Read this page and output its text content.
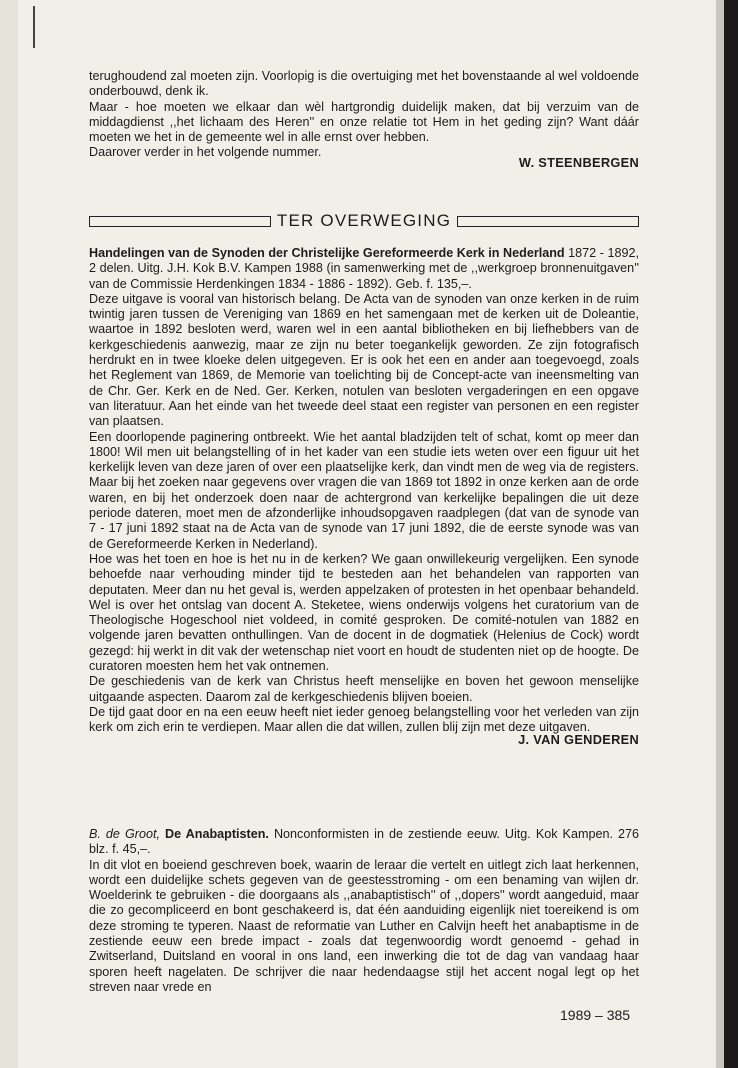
terughoudend zal moeten zijn. Voorlopig is die overtuiging met het bovenstaande al wel voldoende onderbouwd, denk ik.

Maar - hoe moeten we elkaar dan wèl hartgrondig duidelijk maken, dat bij verzuim van de middagdienst ,,het lichaam des Heren'' en onze relatie tot Hem in het geding zijn? Want dáár moeten we het in de gemeente wel in alle ernst over hebben.

Daarover verder in het volgende nummer.

W. STEENBERGEN

TER OVERWEGING

Handelingen van de Synoden der Christelijke Gereformeerde Kerk in Nederland 1872 - 1892, 2 delen. Uitg. J.H. Kok B.V. Kampen 1988 (in samenwerking met de ,,werkgroep bronnenuitgaven'' van de Commissie Herdenkingen 1834 - 1886 - 1892). Geb. f. 135,–.

Deze uitgave is vooral van historisch belang. De Acta van de synoden van onze kerken in de ruim twintig jaren tussen de Vereniging van 1869 en het samengaan met de kerken uit de Doleantie, waartoe in 1892 besloten werd, waren wel in een aantal bibliotheken en bij liefhebbers van de kerkgeschiedenis aanwezig, maar ze zijn nu beter toegankelijk geworden. Ze zijn fotografisch herdrukt en in twee kloeke delen uitgegeven. Er is ook het een en ander aan toegevoegd, zoals het Reglement van 1869, de Memorie van toelichting bij de Concept-acte van ineensmelting van de Chr. Ger. Kerk en de Ned. Ger. Kerken, notulen van besloten vergaderingen en een opgave van literatuur. Aan het einde van het tweede deel staat een register van personen en een register van plaatsen.

Een doorlopende paginering ontbreekt. Wie het aantal bladzijden telt of schat, komt op meer dan 1800! Wil men uit belangstelling of in het kader van een studie iets weten over een figuur uit het kerkelijk leven van deze jaren of over een plaatselijke kerk, dan vindt men de weg via de registers. Maar bij het zoeken naar gegevens over vragen die van 1869 tot 1892 in onze kerken aan de orde waren, en bij het onderzoek doen naar de achtergrond van kerkelijke bepalingen die uit deze periode dateren, moet men de afzonderlijke inhoudsopgaven raadplegen (dat van de synode van 7 - 17 juni 1892 staat na de Acta van de synode van 17 juni 1892, die de eerste synode was van de Gereformeerde Kerken in Nederland).

Hoe was het toen en hoe is het nu in de kerken? We gaan onwillekeurig vergelijken. Een synode behoefde naar verhouding minder tijd te besteden aan het behandelen van rapporten van deputaten. Meer dan nu het geval is, werden appelzaken of protesten in het openbaar behandeld. Wel is over het ontslag van docent A. Steketee, wiens onderwijs volgens het curatorium van de Theologische Hogeschool niet voldeed, in comité gesproken. De comité-notulen van 1882 en volgende jaren bevatten onthullingen. Van de docent in de dogmatiek (Helenius de Cock) wordt gezegd: hij werkt in dit vak der wetenschap niet voort en houdt de studenten niet op de hoogte. De curatoren moesten hem het vak ontnemen.

De geschiedenis van de kerk van Christus heeft menselijke en boven het gewoon menselijke uitgaande aspecten. Daarom zal de kerkgeschiedenis blijven boeien.

De tijd gaat door en na een eeuw heeft niet ieder genoeg belangstelling voor het verleden van zijn kerk om zich erin te verdiepen. Maar allen die dat willen, zullen blij zijn met deze uitgaven.

J. VAN GENDEREN

B. de Groot, De Anabaptisten. Nonconformisten in de zestiende eeuw. Uitg. Kok Kampen. 276 blz. f. 45,–.

In dit vlot en boeiend geschreven boek, waarin de leraar die vertelt en uitlegt zich laat herkennen, wordt een duidelijke schets gegeven van de geestesstroming - om een benaming van wijlen dr. Woelderink te gebruiken - die doorgaans als ,,anabaptistisch'' of ,,dopers'' wordt aangeduid, maar die zo gecompliceerd en bont geschakeerd is, dat één aanduiding eigenlijk niet toereikend is om deze stroming te typeren. Naast de reformatie van Luther en Calvijn heeft het anabaptisme in de zestiende eeuw een brede impact - zoals dat tegenwoordig wordt genoemd - gehad in Zwitserland, Duitsland en vooral in ons land, een inwerking die tot de dag van vandaag haar sporen heeft nagelaten. De schrijver die naar hedendaagse stijl het accent nogal legt op het streven naar vrede en

1989 – 385
